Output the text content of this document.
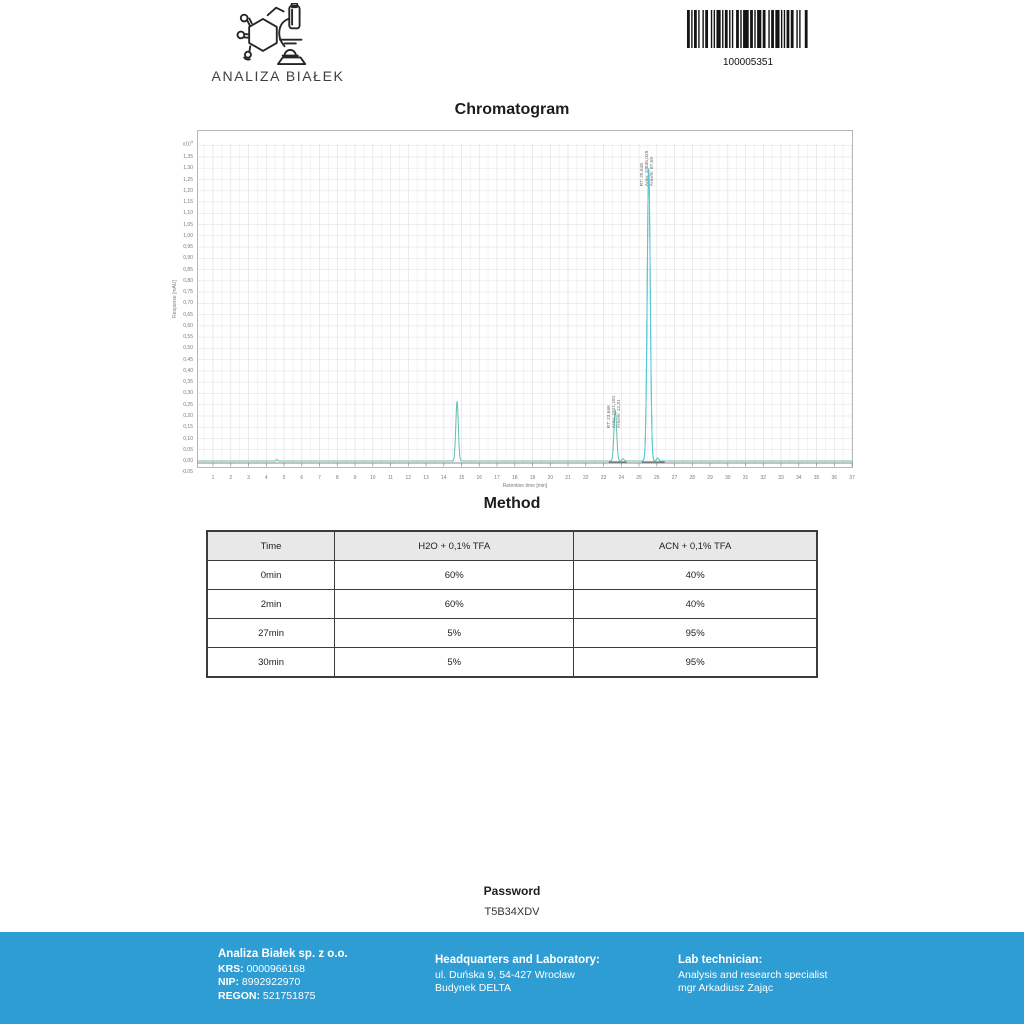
ANALIZA BIAŁEK
100005351
Chromatogram
RT: 23,666 Area: 1521,181 Area%: 12,31
RT: 25,548 Area: 10835,029 Area%: 87,69
$x10^3$
Response [mAU]
Retention time [min]
-0,05
0,00
0,05
0,10
0,15
0,20
0,25
0,30
0,35
0,40
0,45
0,50
0,55
0,60
0,65
0,70
0,75
0,80
0,85
0,90
0,95
1,00
1,05
1,10
1,15
1,20
1,25
1,30
1,35
1	2	3	4	5	6	7	8	9	10	11	12	13	14	15	16	17	18	19	20	21	22	23	24	25	26	27	28	29	30	31	32	33	34	35	36	37
Method
Time	H2O + 0,1% TFA	ACN + 0,1% TFA
0min	60%	40%
2min	60%	40%
27min	5%	95%
30min	5%	95%
Password
T5B34XDV
Analiza Białek sp. z o.o.
KRS: 0000966168
NIP: 8992922970
REGON: 521751875
Headquarters and Laboratory:
ul. Duńska 9, 54-427 Wrocław
Budynek DELTA
Lab technician:
Analysis and research specialist
mgr Arkadiusz Zając
